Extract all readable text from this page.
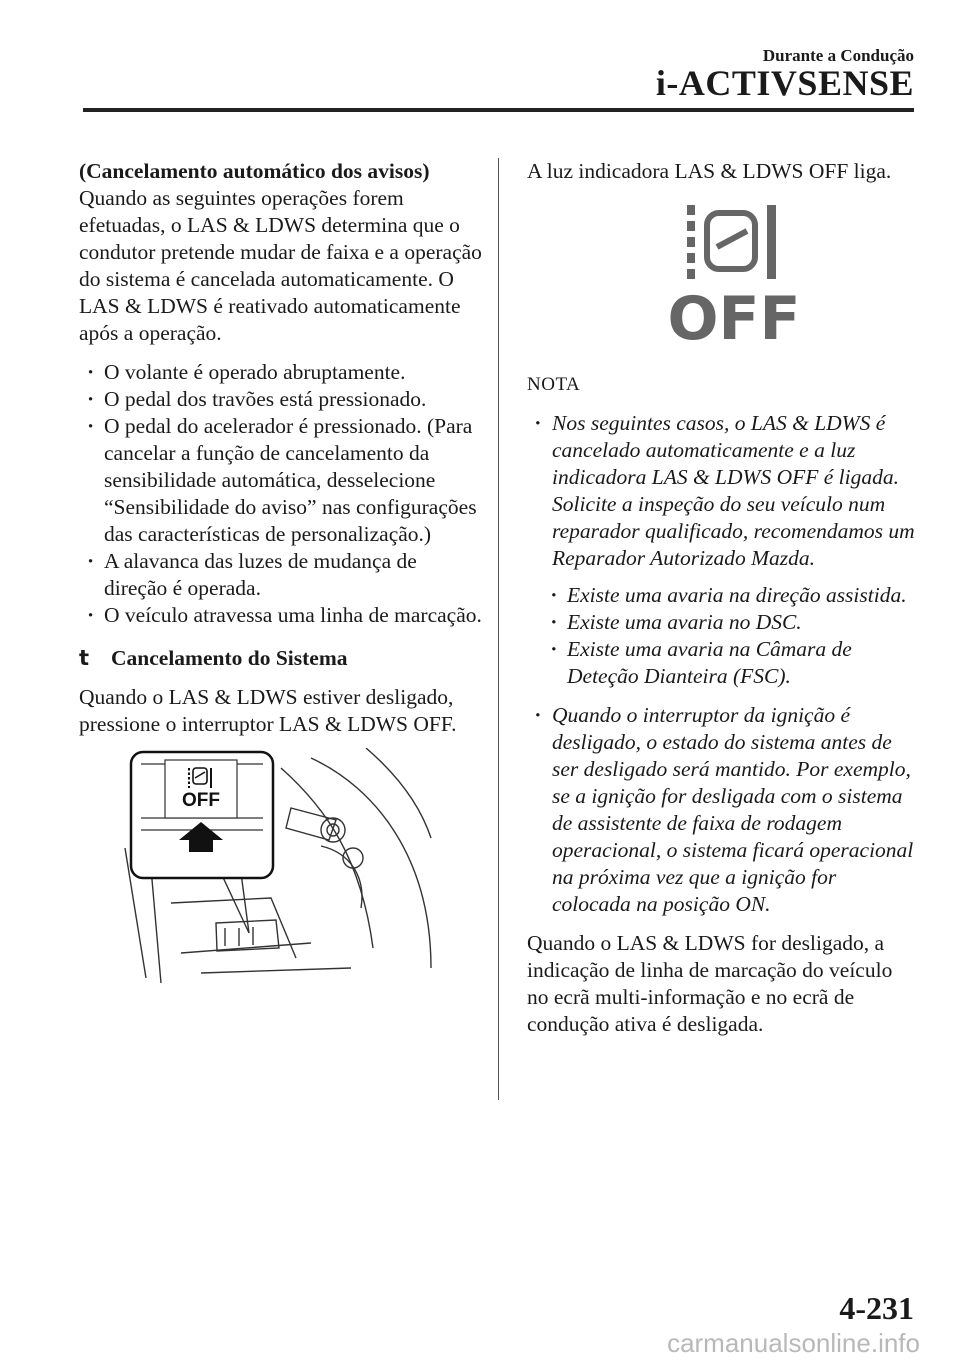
Durante a Condução
i-ACTIVSENSE

(Cancelamento automático dos avisos)

Quando as seguintes operações forem efetuadas, o LAS & LDWS determina que o condutor pretende mudar de faixa e a operação do sistema é cancelada automaticamente. O LAS & LDWS é reativado automaticamente após a operação.

· O volante é operado abruptamente.
· O pedal dos travões está pressionado.
· O pedal do acelerador é pressionado. (Para cancelar a função de cancelamento da sensibilidade automática, desselecione “Sensibilidade do aviso” nas configurações das características de personalização.)
· A alavanca das luzes de mudança de direção é operada.
· O veículo atravessa uma linha de marcação.
t	Cancelamento do Sistema

Quando o LAS & LDWS estiver desligado, pressione o interruptor LAS & LDWS OFF.

OFF

A luz indicadora LAS & LDWS OFF liga.

OFF

NOTA

· Nos seguintes casos, o LAS & LDWS é cancelado automaticamente e a luz indicadora LAS & LDWS OFF é ligada. Solicite a inspeção do seu veículo num reparador qualificado, recomendamos um Reparador Autorizado Mazda.
· Existe uma avaria na direção assistida.
· Existe uma avaria no DSC.
· Existe uma avaria na Câmara de Deteção Dianteira (FSC).
· Quando o interruptor da ignição é desligado, o estado do sistema antes de ser desligado será mantido. Por exemplo, se a ignição for desligada com o sistema de assistente de faixa de rodagem operacional, o sistema ficará operacional na próxima vez que a ignição for colocada na posição ON.

Quando o LAS & LDWS for desligado, a indicação de linha de marcação do veículo no ecrã multi-informação e no ecrã de condução ativa é desligada.

4-231
carmanualsonline.info
